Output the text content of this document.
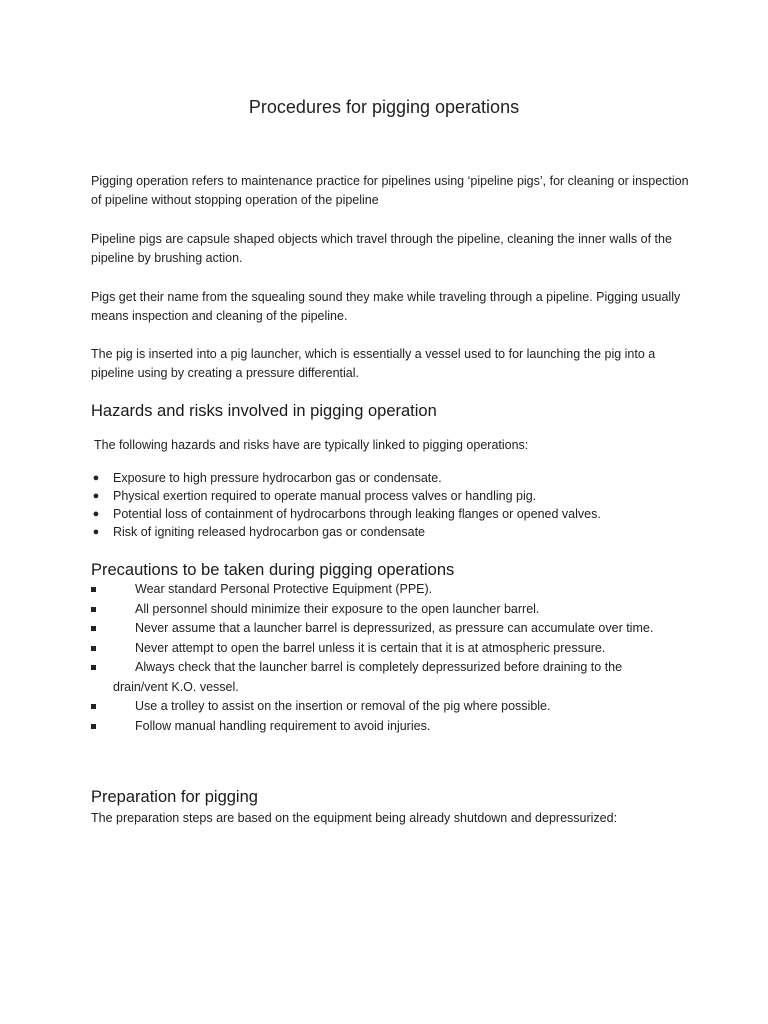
Procedures for pigging operations
Pigging operation refers to maintenance practice for pipelines using ‘pipeline pigs’, for cleaning or inspection of pipeline without stopping operation of the pipeline
Pipeline pigs are capsule shaped objects which travel through the pipeline, cleaning the inner walls of the pipeline by brushing action.
Pigs get their name from the squealing sound they make while traveling through a pipeline. Pigging usually means inspection and cleaning of the pipeline.
The pig is inserted into a pig launcher, which is essentially a vessel used to for launching the pig into a pipeline using by creating a pressure differential.
Hazards and risks involved in pigging operation
The following hazards and risks have are typically linked to pigging operations:
● Exposure to high pressure hydrocarbon gas or condensate.
● Physical exertion required to operate manual process valves or handling pig.
● Potential loss of containment of hydrocarbons through leaking flanges or opened valves.
● Risk of igniting released hydrocarbon gas or condensate
Precautions to be taken during pigging operations
Wear standard Personal Protective Equipment (PPE).
All personnel should minimize their exposure to the open launcher barrel.
Never assume that a launcher barrel is depressurized, as pressure can accumulate over time.
Never attempt to open the barrel unless it is certain that it is at atmospheric pressure.
Always check that the launcher barrel is completely depressurized before draining to the drain/vent K.O. vessel.
Use a trolley to assist on the insertion or removal of the pig where possible.
Follow manual handling requirement to avoid injuries.
Preparation for pigging
The preparation steps are based on the equipment being already shutdown and depressurized:
